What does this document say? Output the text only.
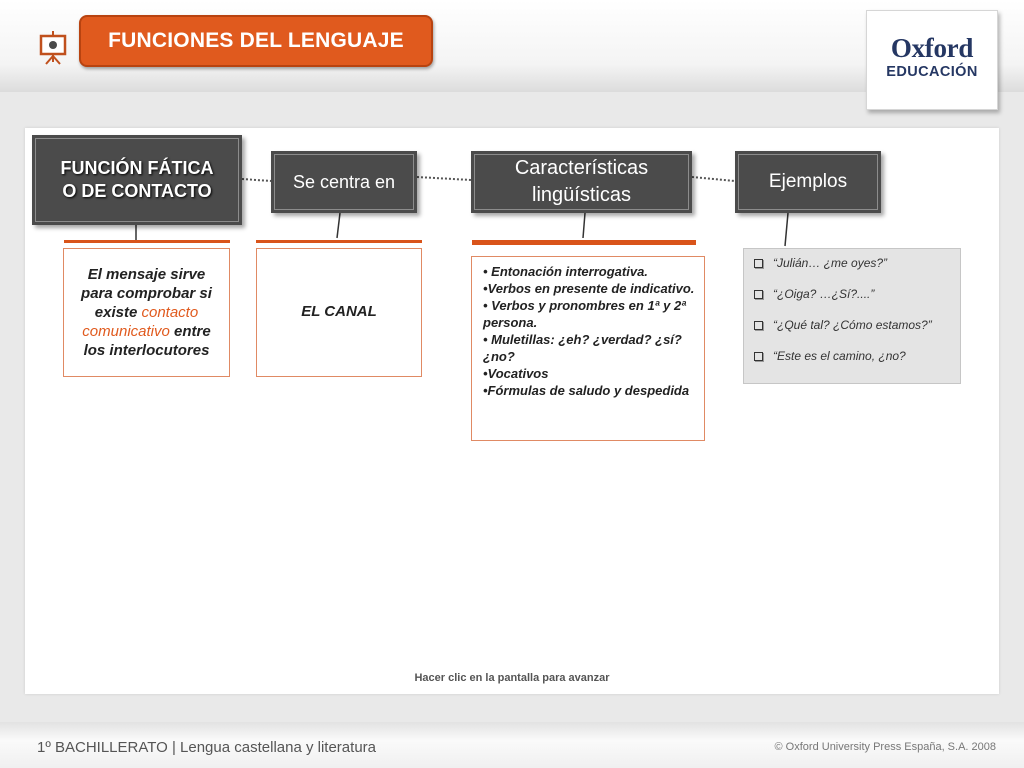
FUNCIONES DEL LENGUAJE	Oxford
EDUCACIÓN
FUNCIÓN FÁTICA
O DE CONTACTO	Se centra en
Características
lingüísticas
Ejemplos
El mensaje sirve para comprobar si existe contacto comunicativo entre los interlocutores
EL CANAL
• Entonación interrogativa.
•Verbos en presente de indicativo.
• Verbos y pronombres en 1ª y 2ª persona.
• Muletillas: ¿eh? ¿verdad? ¿sí? ¿no?
•Vocativos
•Fórmulas de saludo y despedida
“Julián… ¿me oyes?”
“¿Oiga? …¿Sí?....”
“¿Qué tal? ¿Cómo estamos?”
“Este es el camino, ¿no?
Hacer clic en la pantalla para avanzar
1º BACHILLERATO | Lengua castellana y literatura	© Oxford University Press España, S.A. 2008
